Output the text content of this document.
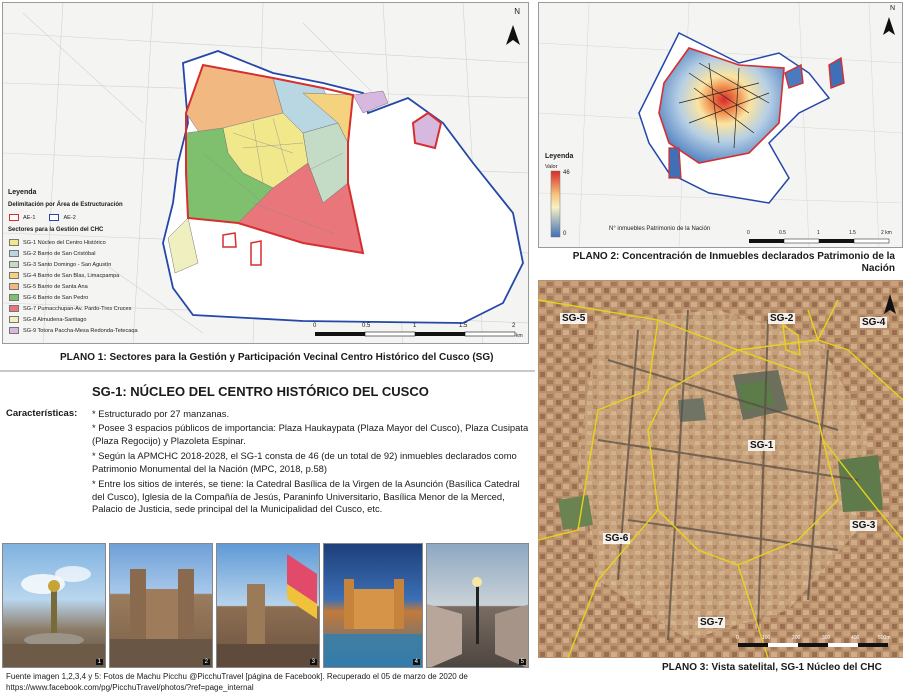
N
0	0.5	1	1.5	2
km
Leyenda
Delimitación por Área de Estructuración
AE-1	AE-2
Sectores para la Gestión del CHC
SG-1 Núcleo del Centro Histórico
SG-2 Barrio de San Cristóbal
SG-3 Santo Domingo - San Agustín
SG-4 Barrio de San Blas, Limacpampa
SG-5 Barrio de Santa Ana
SG-6 Barrio de San Pedro
SG-7 Pumacchupan-Av. Pardo-Tres Cruces
SG-8 Almudena-Santiago
SG-9 Totora Paccha-Mesa Redonda-Tetecaqa
PLANO 1: Sectores para la Gestión y Participación Vecinal Centro Histórico del Cusco (SG)
N
Leyenda
Valor
46
0
N° inmuebles Patrimonio de la Nación
0	0.5	1	1.5	2 km
PLANO 2: Concentración de Inmuebles declarados Patrimonio de la Nación
SG-5	SG-2	SG-4
SG-1
SG-6
SG-3
SG-7
0	100	200	300	400	500m
PLANO 3: Vista satelital, SG-1 Núcleo del CHC
SG-1: NÚCLEO DEL CENTRO HISTÓRICO DEL CUSCO
Características: * Estructurado por 27 manzanas.
* Posee 3 espacios públicos de importancia: Plaza Haukaypata (Plaza Mayor del Cusco), Plaza Cusipata (Plaza Regocijo) y Plazoleta Espinar.
* Según la APMCHC 2018-2028, el SG-1 consta de 46 (de un total de 92) inmuebles declarados como Patrimonio Monumental del la Nación (MPC, 2018, p.58)
* Entre los sitios de interés, se tiene: la Catedral Basílica de la Virgen de la Asunción (Basílica Catedral del Cusco), Iglesia de la Compañía de Jesús, Paraninfo Universitario, Basílica Menor de la Merced, Palacio de Justicia, sede principal del la Municipalidad del Cusco, etc.
1	2	3	4	5
Fuente imagen 1,2,3,4 y 5: Fotos de Machu Picchu @PicchuTravel [página de Facebook]. Recuperado el 05 de marzo de 2020 de
https://www.facebook.com/pg/PicchuTravel/photos/?ref=page_internal
